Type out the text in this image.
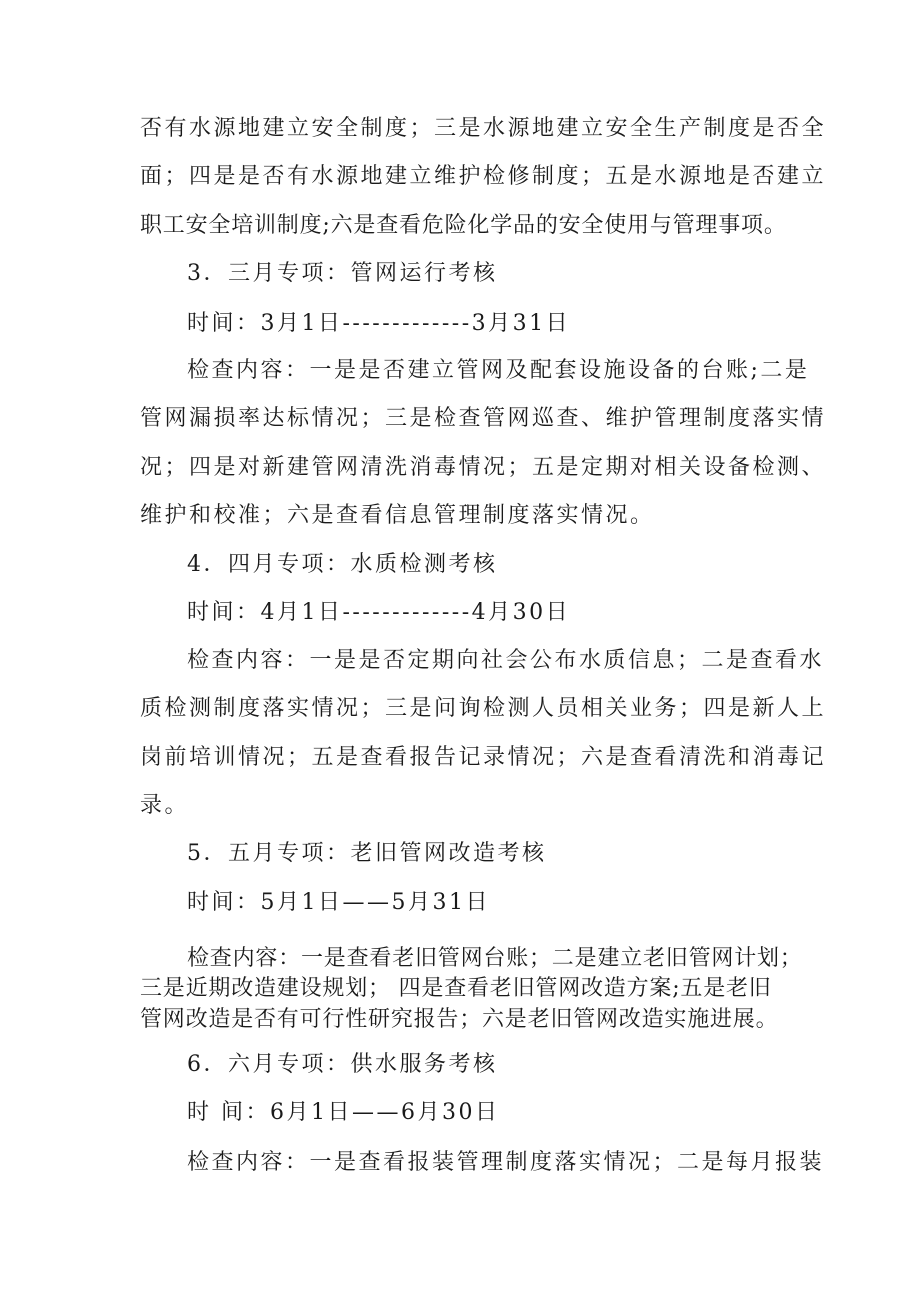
否有水源地建立安全制度；三是水源地建立安全生产制度是否全
面；四是是否有水源地建立维护检修制度；五是水源地是否建立
职工安全培训制度;六是查看危险化学品的安全使用与管理事项。
3．三月专项：管网运行考核
时间：3月1日-------------3月31日
检查内容：一是是否建立管网及配套设施设备的台账;二是
管网漏损率达标情况；三是检查管网巡查、维护管理制度落实情
况；四是对新建管网清洗消毒情况；五是定期对相关设备检测、
维护和校准；六是查看信息管理制度落实情况。
4．四月专项：水质检测考核
时间：4月1日-------------4月30日
检查内容：一是是否定期向社会公布水质信息；二是查看水
质检测制度落实情况；三是问询检测人员相关业务；四是新人上
岗前培训情况；五是查看报告记录情况；六是查看清洗和消毒记
录。
5．五月专项：老旧管网改造考核
时间：5月1日——5月31日
检查内容：一是查看老旧管网台账；二是建立老旧管网计划；
三是近期改造建设规划； 四是查看老旧管网改造方案;五是老旧
管网改造是否有可行性研究报告；六是老旧管网改造实施进展。
6．六月专项：供水服务考核
时 间：6月1日——6月30日
检查内容：一是查看报装管理制度落实情况；二是每月报装
